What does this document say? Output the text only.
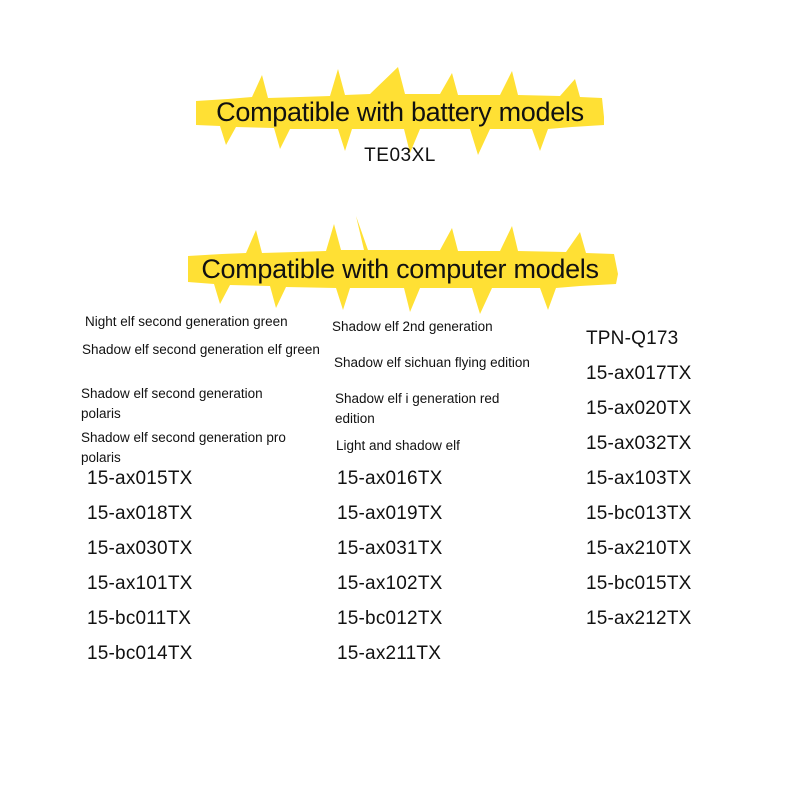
Compatible with battery models
TE03XL
Compatible with computer models
Night elf second generation green
Shadow elf second generation elf green
Shadow elf second generation polaris
Shadow elf second generation pro polaris
15-ax015TX
15-ax018TX
15-ax030TX
15-ax101TX
15-bc011TX
15-bc014TX
Shadow elf 2nd generation
Shadow elf sichuan flying edition
Shadow elf i generation red edition
Light and shadow elf
15-ax016TX
15-ax019TX
15-ax031TX
15-ax102TX
15-bc012TX
15-ax211TX
TPN-Q173
15-ax017TX
15-ax020TX
15-ax032TX
15-ax103TX
15-bc013TX
15-ax210TX
15-bc015TX
15-ax212TX
